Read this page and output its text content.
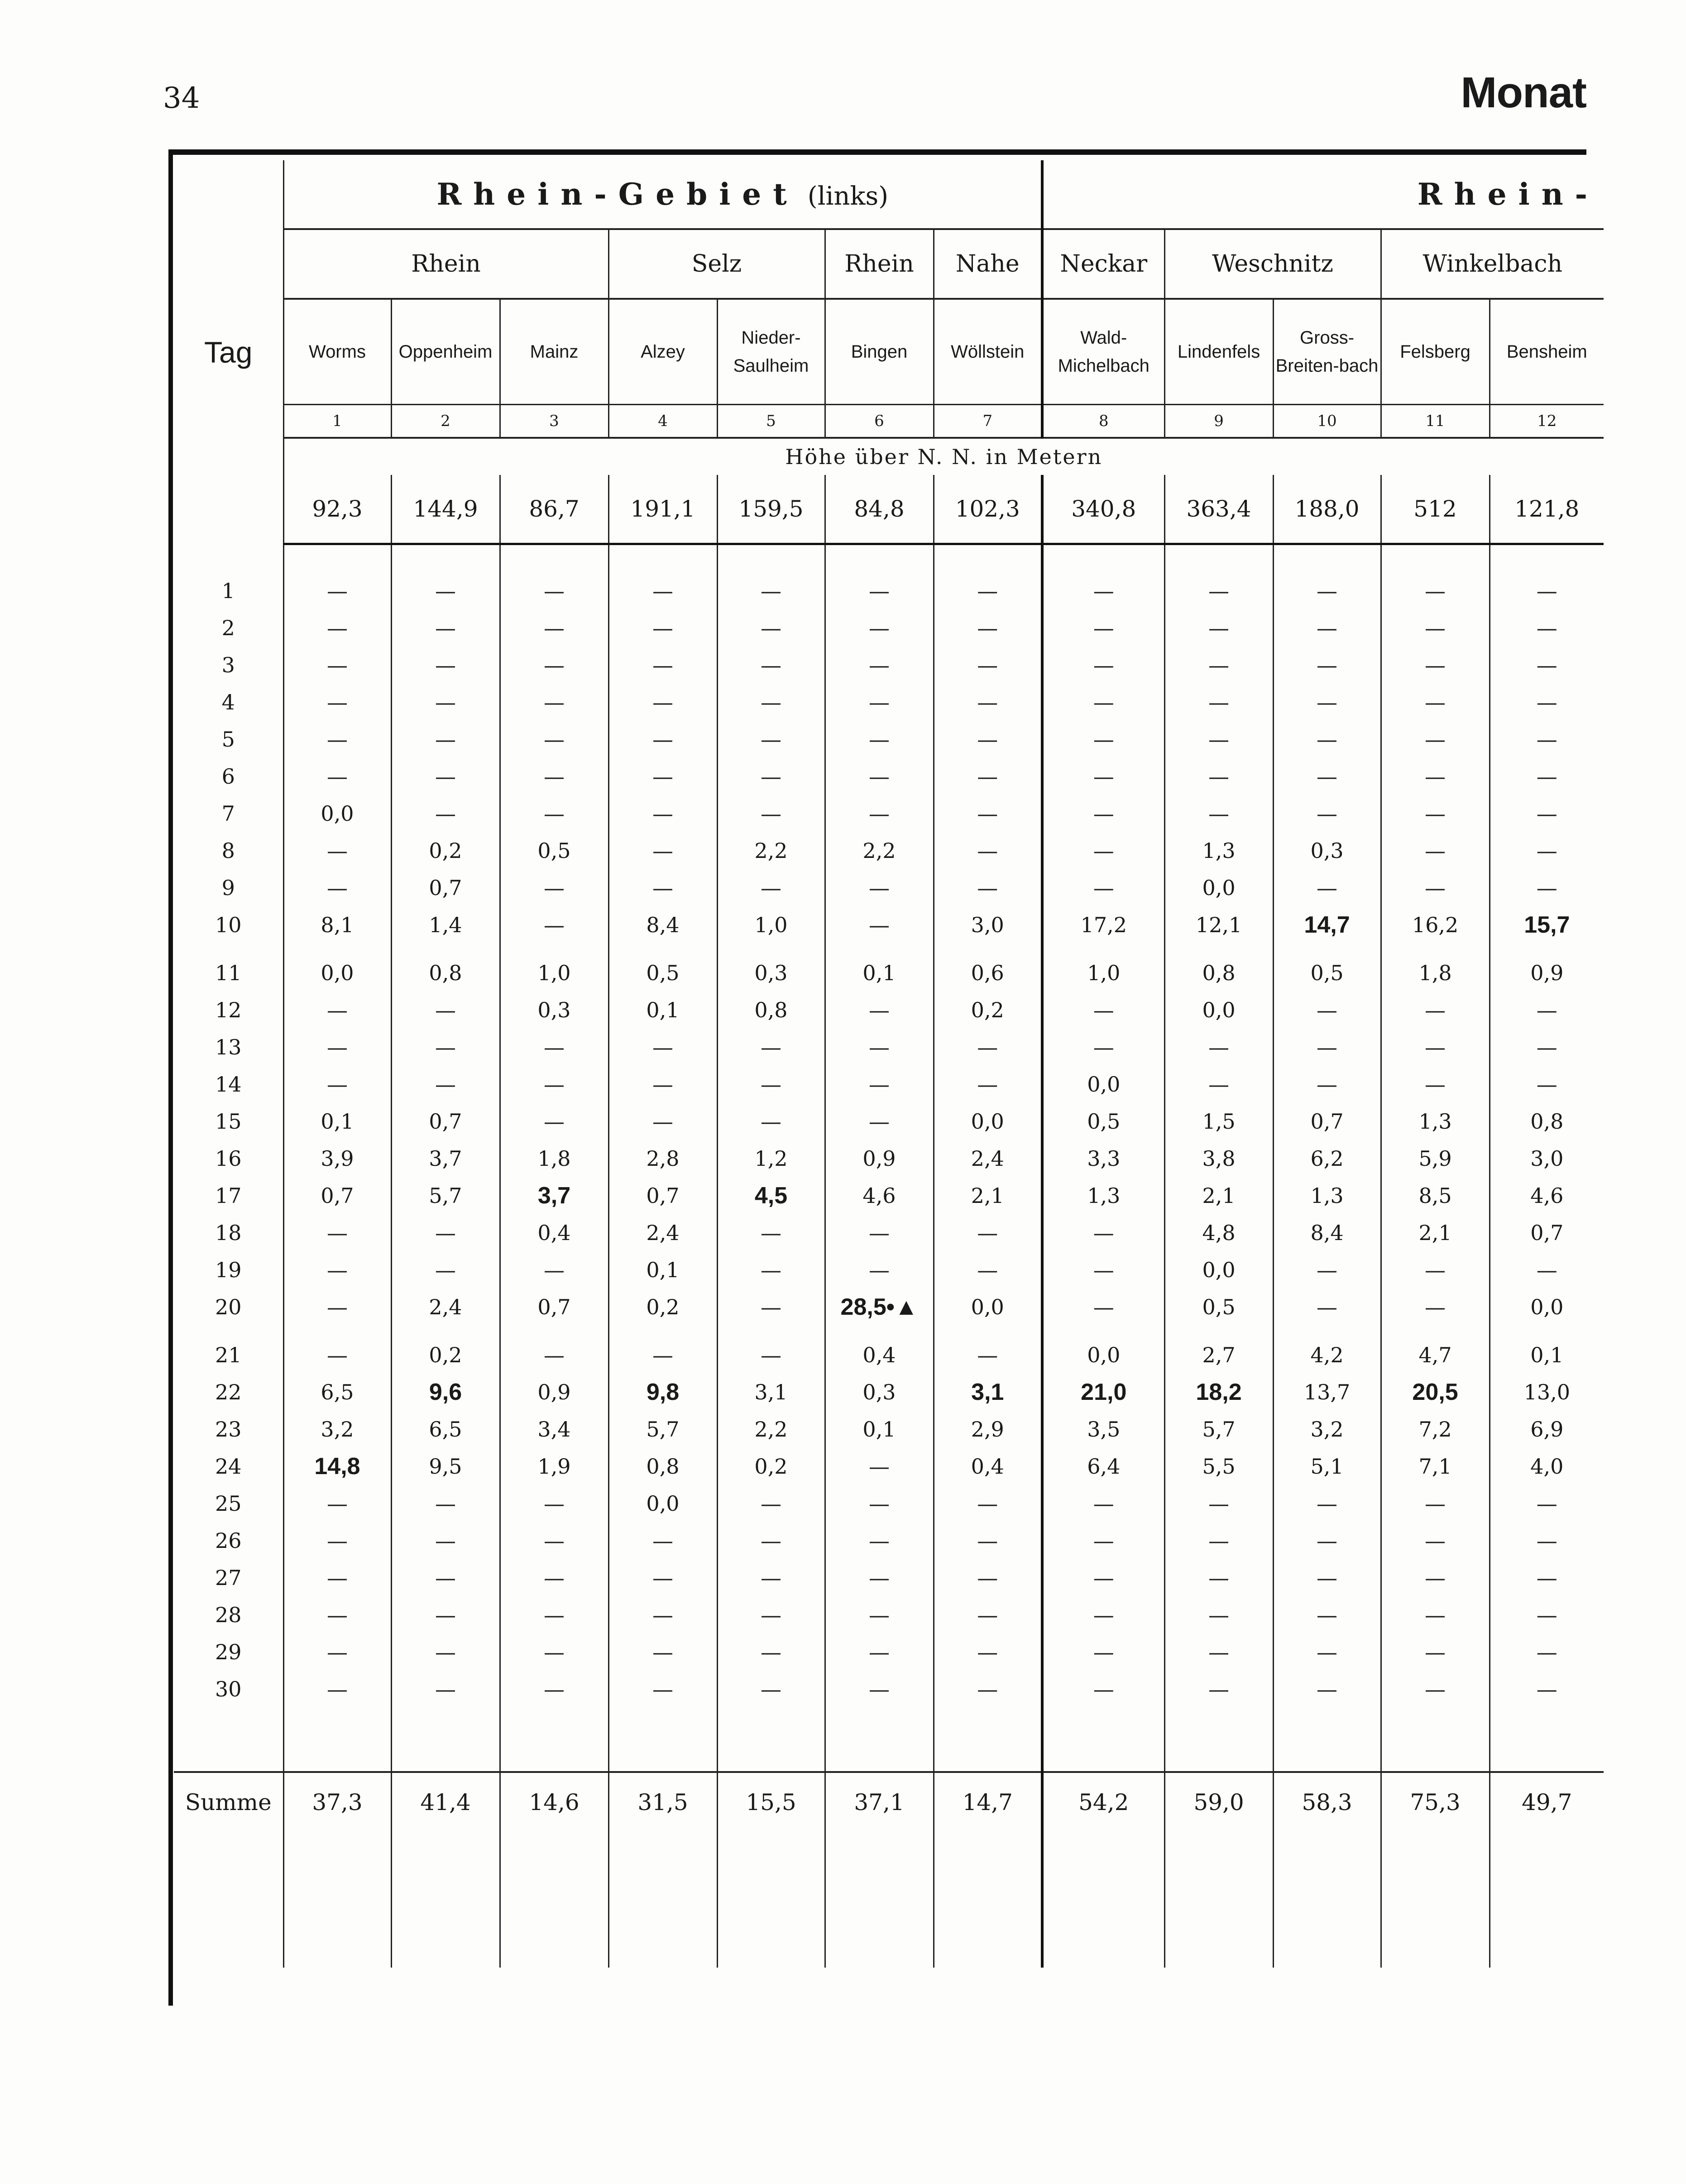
34	Monat
Tag	Rhein-Gebiet (links)							Rhein-				
	Rhein			Selz		Rhein	Nahe	Neckar	Weschnitz		Winkelbach	
	Worms	Oppenheim	Mainz	Alzey	Nieder-Saulheim	Bingen	Wöllstein	Wald-Michelbach	Lindenfels	Gross-Breiten-bach	Felsberg	Bensheim
	1	2	3	4	5	6	7	8	9	10	11	12
	Höhe über N. N. in Metern											
	92,3	144,9	86,7	191,1	159,5	84,8	102,3	340,8	363,4	188,0	512	121,8

1	—	—	—	—	—	—	—	—	—	—	—	—
2	—	—	—	—	—	—	—	—	—	—	—	—
3	—	—	—	—	—	—	—	—	—	—	—	—
4	—	—	—	—	—	—	—	—	—	—	—	—
5	—	—	—	—	—	—	—	—	—	—	—	—
6	—	—	—	—	—	—	—	—	—	—	—	—
7	0,0	—	—	—	—	—	—	—	—	—	—	—
8	—	0,2	0,5	—	2,2	2,2	—	—	1,3	0,3	—	—
9	—	0,7	—	—	—	—	—	—	0,0	—	—	—
10	8,1	1,4	—	8,4	1,0	—	3,0	17,2	12,1	14,7	16,2	15,7

11	0,0	0,8	1,0	0,5	0,3	0,1	0,6	1,0	0,8	0,5	1,8	0,9
12	—	—	0,3	0,1	0,8	—	0,2	—	0,0	—	—	—
13	—	—	—	—	—	—	—	—	—	—	—	—
14	—	—	—	—	—	—	—	0,0	—	—	—	—
15	0,1	0,7	—	—	—	—	0,0	0,5	1,5	0,7	1,3	0,8
16	3,9	3,7	1,8	2,8	1,2	0,9	2,4	3,3	3,8	6,2	5,9	3,0
17	0,7	5,7	3,7	0,7	4,5	4,6	2,1	1,3	2,1	1,3	8,5	4,6
18	—	—	0,4	2,4	—	—	—	—	4,8	8,4	2,1	0,7
19	—	—	—	0,1	—	—	—	—	0,0	—	—	—
20	—	2,4	0,7	0,2	—	28,5•▲	0,0	—	0,5	—	—	0,0

21	—	0,2	—	—	—	0,4	—	0,0	2,7	4,2	4,7	0,1
22	6,5	9,6	0,9	9,8	3,1	0,3	3,1	21,0	18,2	13,7	20,5	13,0
23	3,2	6,5	3,4	5,7	2,2	0,1	2,9	3,5	5,7	3,2	7,2	6,9
24	14,8	9,5	1,9	0,8	0,2	—	0,4	6,4	5,5	5,1	7,1	4,0
25	—	—	—	0,0	—	—	—	—	—	—	—	—
26	—	—	—	—	—	—	—	—	—	—	—	—
27	—	—	—	—	—	—	—	—	—	—	—	—
28	—	—	—	—	—	—	—	—	—	—	—	—
29	—	—	—	—	—	—	—	—	—	—	—	—
30	—	—	—	—	—	—	—	—	—	—	—	—

Summe	37,3	41,4	14,6	31,5	15,5	37,1	14,7	54,2	59,0	58,3	75,3	49,7
